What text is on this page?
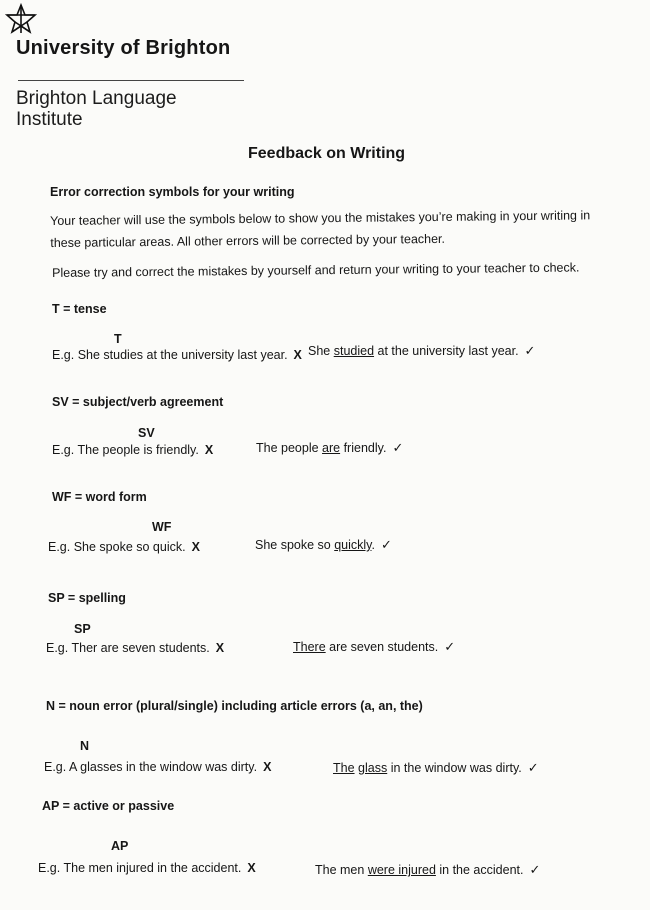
University of Brighton
Brighton Language
Institute
Feedback on Writing
Error correction symbols for your writing
Your teacher will use the symbols below to show you the mistakes you’re making in your writing in
these particular areas. All other errors will be corrected by your teacher.
Please try and correct the mistakes by yourself and return your writing to your teacher to check.
T = tense
T
E.g. She studies at the university last year. X She studied at the university last year. ✓
SV = subject/verb agreement
SV
E.g. The people is friendly. X	The people are friendly. ✓
WF = word form
WF
E.g. She spoke so quick. X	She spoke so quickly. ✓
SP = spelling
SP
E.g. Ther are seven students. X	There are seven students. ✓
N = noun error (plural/single) including article errors (a, an, the)
N
E.g. A glasses in the window was dirty. X	The glass in the window was dirty. ✓
AP = active or passive
AP
E.g. The men injured in the accident. X	The men were injured in the accident. ✓
